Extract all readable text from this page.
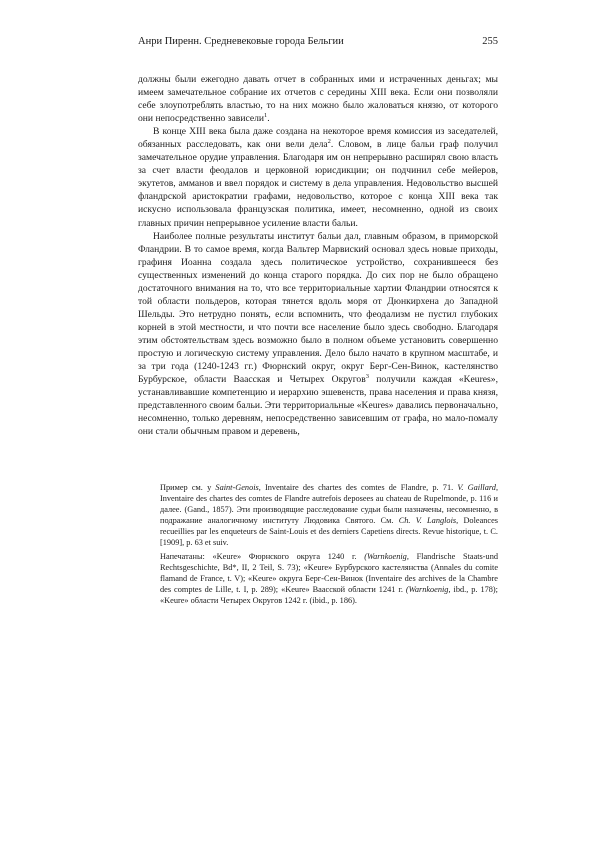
Анри Пиренн. Средневековые города Бельгии	255

должны были ежегодно давать отчет в собранных ими и истраченных деньгах; мы имеем замечательное собрание их отчетов с середины XIII века. Если они позволяли себе злоупотреблять властью, то на них можно было жаловаться князю, от которого они непосредственно зависели$^1$.

В конце XIII века была даже создана на некоторое время комиссия из заседателей, обязанных расследовать, как они вели дела$^2$. Словом, в лице бальи граф получил замечательное орудие управления. Благодаря им он непрерывно расширял свою власть за счет власти феодалов и церковной юрисдикции; он подчинил себе мейеров, экутетов, амманов и ввел порядок и систему в дела управления. Недовольство высшей фландрской аристократии графами, недовольство, которое с конца XIII века так искусно использовала французская политика, имеет, несомненно, одной из своих главных причин непрерывное усиление власти бальи.

Наиболее полные результаты институт бальи дал, главным образом, в приморской Фландрии. В то самое время, когда Вальтер Марвиский основал здесь новые приходы, графиня Иоанна создала здесь политическое устройство, сохранившееся без существенных изменений до конца старого порядка. До сих пор не было обращено достаточного внимания на то, что все территориальные хартии Фландрии относятся к той области польдеров, которая тянется вдоль моря от Дюнкирхена до Западной Шельды. Это нетрудно понять, если вспомнить, что феодализм не пустил глубоких корней в этой местности, и что почти все население было здесь свободно. Благодаря этим обстоятельствам здесь возможно было в полном объеме установить совершенно простую и логическую систему управления. Дело было начато в крупном масштабе, и за три года (1240-1243 гг.) Фюрнский округ, округ Берг-Сен-Винок, кастелянство Бурбурское, области Ваасская и Четырех Округов$^3$ получили каждая «Keures», устанавливавшие компетенцию и иерархию эшевенств, права населения и права князя, представленного своим бальи. Эти территориальные «Keures» давались первоначально, несомненно, только деревням, непосредственно зависевшим от графа, но мало-помалу они стали обычным правом и деревень,

Пример см. у Saint-Genois, Inventaire des chartes des comtes de Flandre, p. 71. V. Gaillard, Inventaire des chartes des comtes de Flandre autrefois deposees au chateau de Rupelmonde, p. 116 и далее. (Gand., 1857). Эти производящие расследование судьи были назначены, несомненно, в подражание аналогичному институту Людовика Святого. См. Ch. V. Langlois, Doleances recueillies par les enqueteurs de Saint-Louis et des derniers Capetiens directs. Revue historique, t. C. [1909], p. 63 et suiv.

Напечатаны: «Keure» Фюрнского округа 1240 г. (Warnkoenig, Flandrische Staats-und Rechtsgeschichte, Bd*, II, 2 Teil, S. 73); «Keure» Бурбурского кастелянства (Annales du comite flamand de France, t. V); «Keure» округа Берг-Сен-Винок (Inventaire des archives de la Chambre des comptes de Lille, t. I, p. 289); «Keure» Ваасской области 1241 г. (Warnkoenig, ibd., p. 178); «Keure» области Четырех Округов 1242 г. (ibid., p. 186).
